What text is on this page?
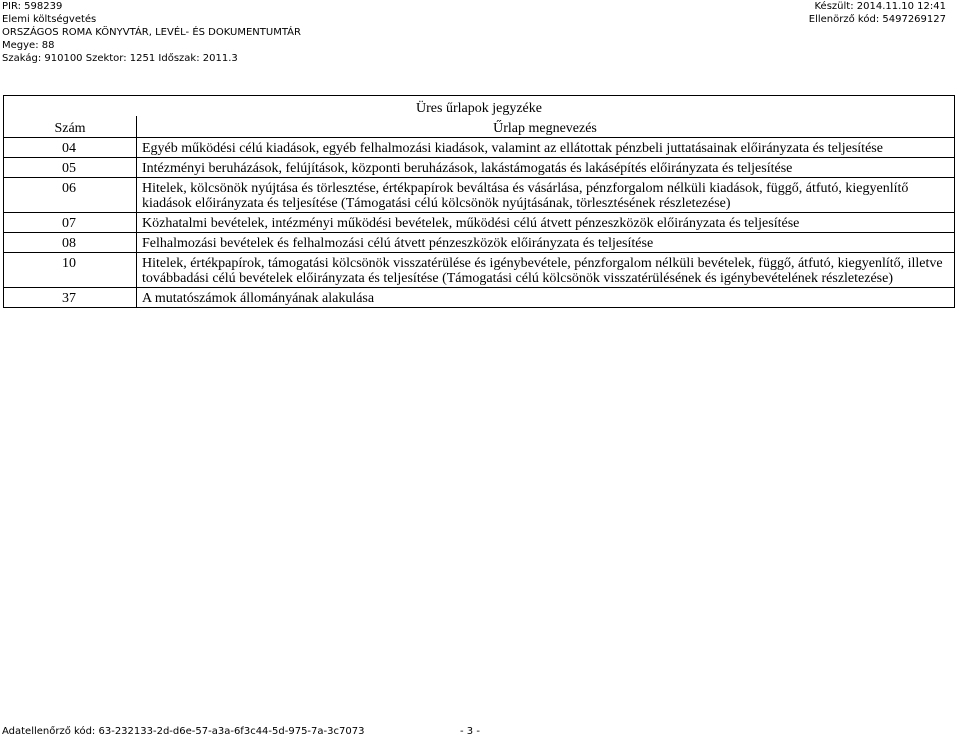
PIR: 598239
Elemi költségvetés
ORSZÁGOS ROMA KÖNYVTÁR, LEVÉL- ÉS DOKUMENTUMTÁR
Megye: 88
Szakág: 910100 Szektor: 1251 Időszak: 2011.3
Készült: 2014.11.10 12:41
Ellenörző kód: 5497269127
Üres űrlapok jegyzéke	
Szám	Űrlap megnevezés
04	Egyéb működési célú kiadások, egyéb felhalmozási kiadások, valamint az ellátottak pénzbeli juttatásainak előirányzata és teljesítése
05	Intézményi beruházások, felújítások, központi beruházások, lakástámogatás és lakásépítés előirányzata és teljesítése
06	Hitelek, kölcsönök nyújtása és törlesztése, értékpapírok beváltása és vásárlása, pénzforgalom nélküli kiadások, függő, átfutó, kiegyenlítő kiadások előirányzata és teljesítése (Támogatási célú kölcsönök nyújtásának, törlesztésének részletezése)
07	Közhatalmi bevételek, intézményi működési bevételek, működési célú átvett pénzeszközök előirányzata és teljesítése
08	Felhalmozási bevételek és felhalmozási célú átvett pénzeszközök előirányzata és teljesítése
10	Hitelek, értékpapírok, támogatási kölcsönök visszatérülése és igénybevétele, pénzforgalom nélküli bevételek, függő, átfutó, kiegyenlítő, illetve továbbadási célú bevételek előirányzata és teljesítése (Támogatási célú kölcsönök visszatérülésének és igénybevételének részletezése)
37	A mutatószámok állományának alakulása
Adatellenőrző kód: 63-232133-2d-d6e-57-a3a-6f3c44-5d-975-7a-3c7073	- 3 -
